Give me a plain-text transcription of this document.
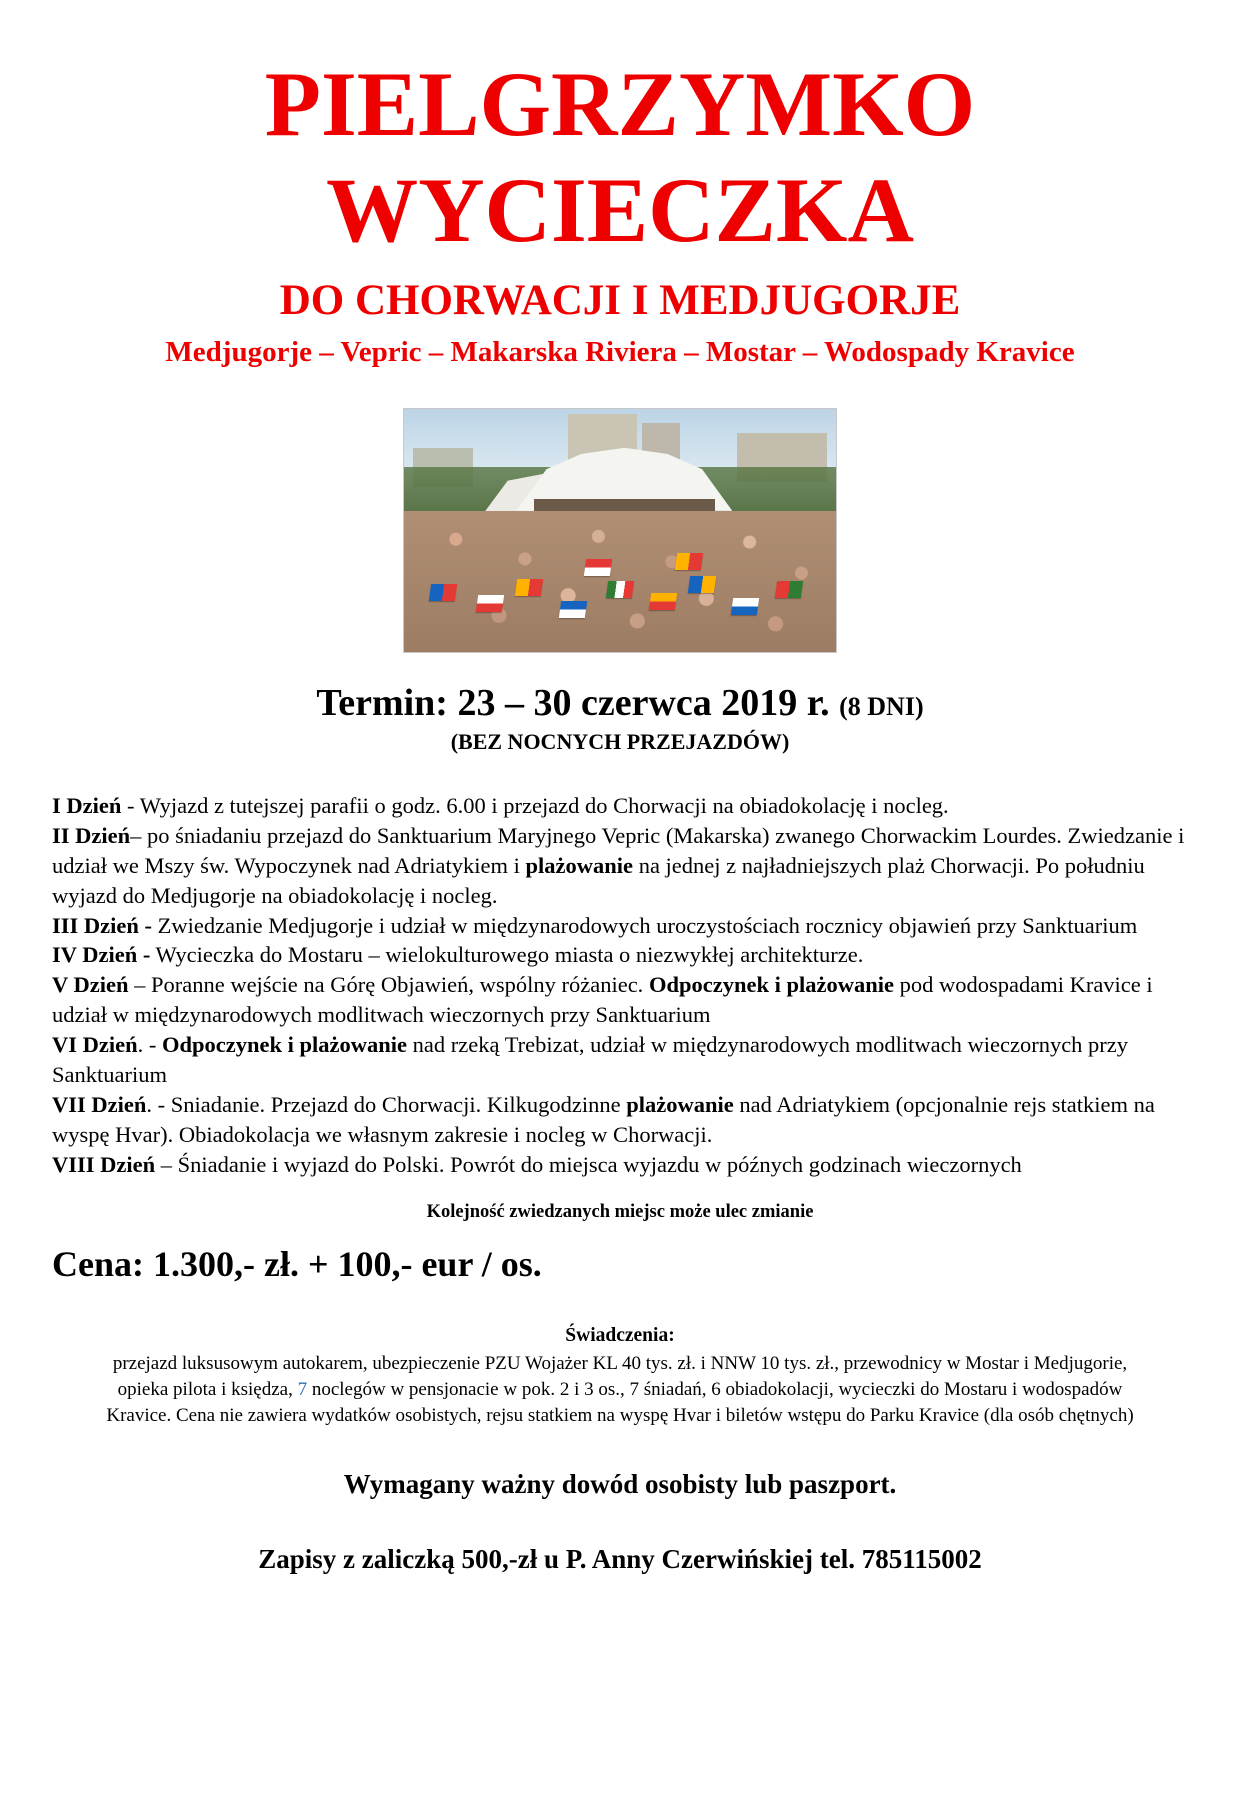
PIELGRZYMKO
WYCIECZKA
DO CHORWACJI I MEDJUGORJE
Medjugorje – Vepric – Makarska Riviera – Mostar – Wodospady Kravice
Termin: 23 – 30 czerwca 2019 r. (8 DNI)
(BEZ NOCNYCH PRZEJAZDÓW)

I Dzień - Wyjazd z tutejszej parafii o godz. 6.00 i przejazd do Chorwacji na obiadokolację i nocleg.

II Dzień– po śniadaniu przejazd do Sanktuarium Maryjnego Vepric (Makarska) zwanego Chorwackim Lourdes. Zwiedzanie i udział we Mszy św. Wypoczynek nad Adriatykiem i plażowanie na jednej z najładniejszych plaż Chorwacji. Po południu wyjazd do Medjugorje na obiadokolację i nocleg.

III Dzień - Zwiedzanie Medjugorje i udział w międzynarodowych uroczystościach rocznicy objawień przy Sanktuarium

IV Dzień - Wycieczka do Mostaru – wielokulturowego miasta o niezwykłej architekturze.

V Dzień – Poranne wejście na Górę Objawień, wspólny różaniec. Odpoczynek i plażowanie pod wodospadami Kravice i udział w międzynarodowych modlitwach wieczornych przy Sanktuarium

VI Dzień. - Odpoczynek i plażowanie nad rzeką Trebizat, udział w międzynarodowych modlitwach wieczornych przy Sanktuarium

VII Dzień. - Sniadanie. Przejazd do Chorwacji. Kilkugodzinne plażowanie nad Adriatykiem (opcjonalnie rejs statkiem na wyspę Hvar). Obiadokolacja we własnym zakresie i nocleg w Chorwacji.

VIII Dzień – Śniadanie i wyjazd do Polski. Powrót do miejsca wyjazdu w późnych godzinach wieczornych

Kolejność zwiedzanych miejsc może ulec zmianie
Cena: 1.300,- zł. + 100,- eur / os.
Świadczenia:
przejazd luksusowym autokarem, ubezpieczenie PZU Wojażer KL 40 tys. zł. i NNW 10 tys. zł., przewodnicy w Mostar i Medjugorie,
opieka pilota i księdza, 7 noclegów w pensjonacie w pok. 2 i 3 os., 7 śniadań, 6 obiadokolacji, wycieczki do Mostaru i wodospadów
Kravice. Cena nie zawiera wydatków osobistych, rejsu statkiem na wyspę Hvar i biletów wstępu do Parku Kravice (dla osób chętnych)
Wymagany ważny dowód osobisty lub paszport.
Zapisy z zaliczką 500,-zł u P. Anny Czerwińskiej tel. 785115002
